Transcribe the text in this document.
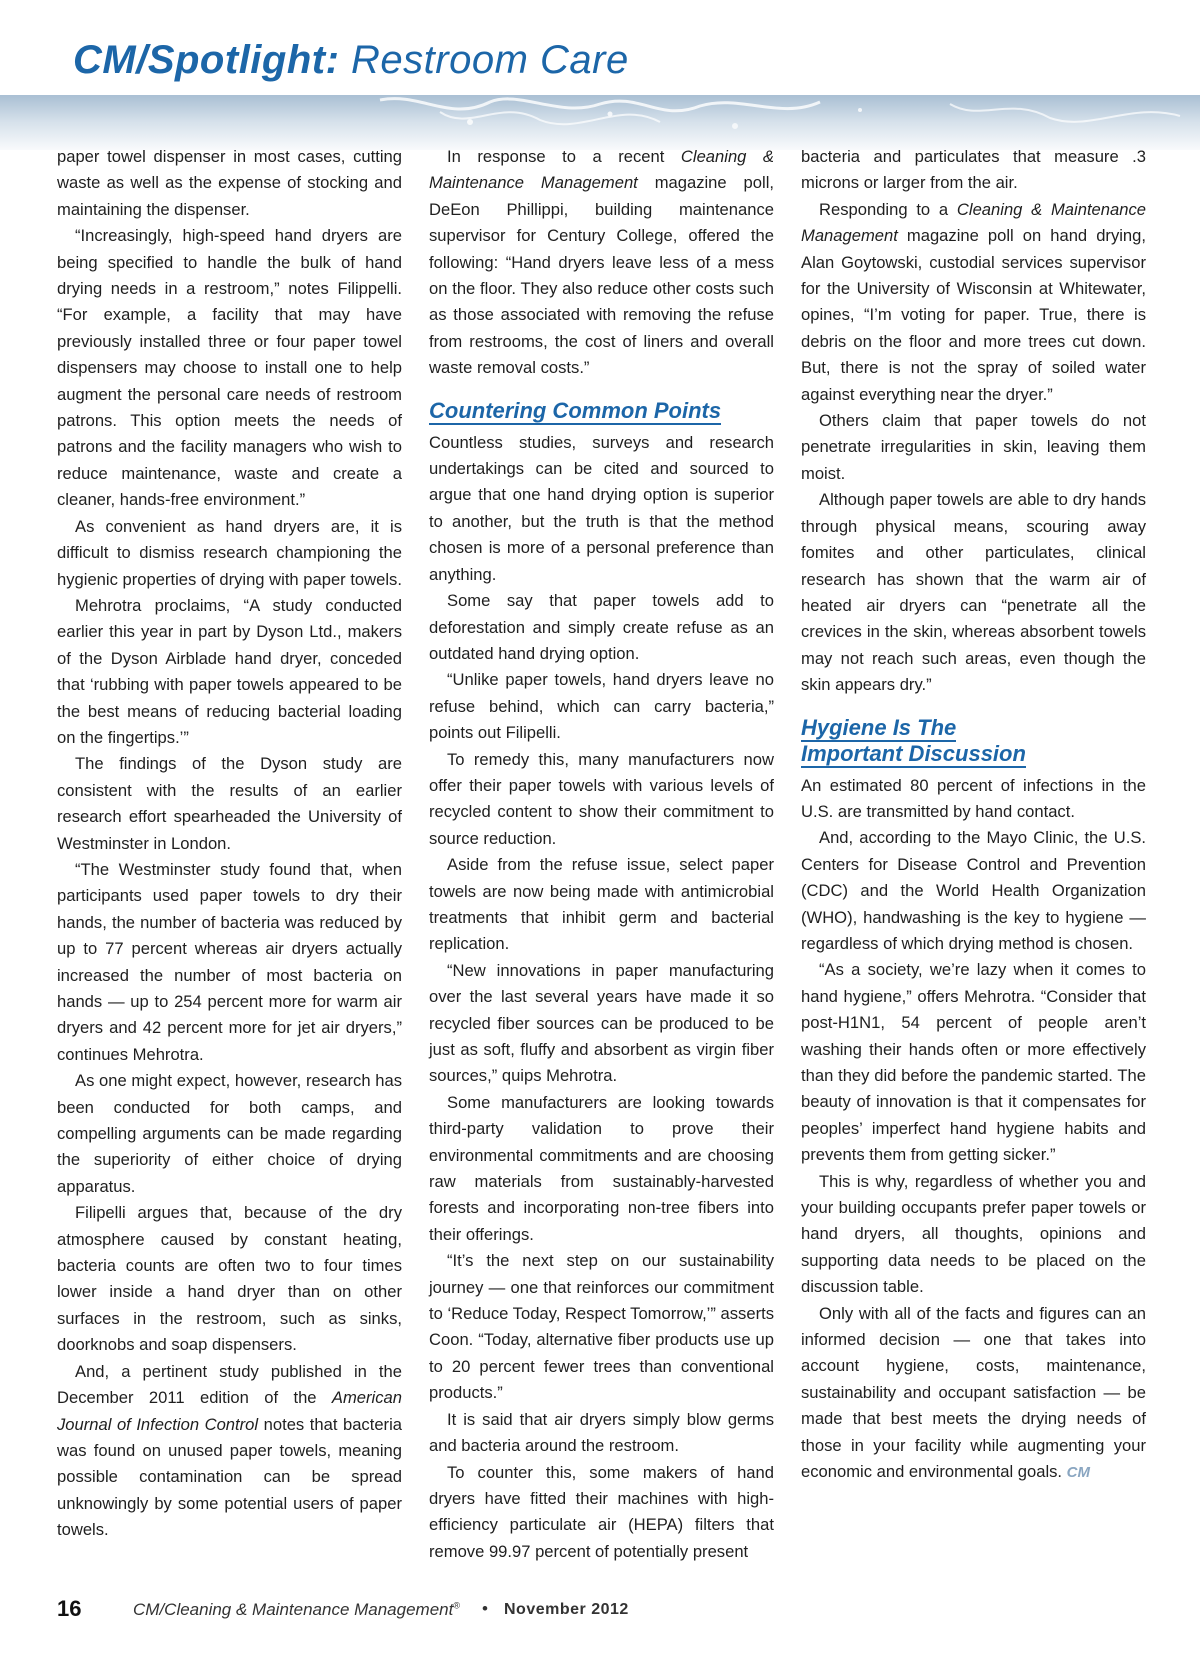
CM/Spotlight: Restroom Care

paper towel dispenser in most cases, cutting waste as well as the expense of stocking and maintaining the dispenser.

“Increasingly, high-speed hand dryers are being specified to handle the bulk of hand drying needs in a restroom,” notes Filippelli. “For example, a facility that may have previously installed three or four paper towel dispensers may choose to install one to help augment the personal care needs of restroom patrons. This option meets the needs of patrons and the facility managers who wish to reduce maintenance, waste and create a cleaner, hands-free environment.”

As convenient as hand dryers are, it is difficult to dismiss research championing the hygienic properties of drying with paper towels.

Mehrotra proclaims, “A study conducted earlier this year in part by Dyson Ltd., makers of the Dyson Airblade hand dryer, conceded that ‘rubbing with paper towels appeared to be the best means of reducing bacterial loading on the fingertips.’”

The findings of the Dyson study are consistent with the results of an earlier research effort spearheaded the University of Westminster in London.

“The Westminster study found that, when participants used paper towels to dry their hands, the number of bacteria was reduced by up to 77 percent whereas air dryers actually increased the number of most bacteria on hands — up to 254 percent more for warm air dryers and 42 percent more for jet air dryers,” continues Mehrotra.

As one might expect, however, research has been conducted for both camps, and compelling arguments can be made regarding the superiority of either choice of drying apparatus.

Filipelli argues that, because of the dry atmosphere caused by constant heating, bacteria counts are often two to four times lower inside a hand dryer than on other surfaces in the restroom, such as sinks, doorknobs and soap dispensers.

And, a pertinent study published in the December 2011 edition of the American Journal of Infection Control notes that bacteria was found on unused paper towels, meaning possible contamination can be spread unknowingly by some potential users of paper towels.

In response to a recent Cleaning & Maintenance Management magazine poll, DeEon Phillippi, building maintenance supervisor for Century College, offered the following: “Hand dryers leave less of a mess on the floor. They also reduce other costs such as those associated with removing the refuse from restrooms, the cost of liners and overall waste removal costs.”

Countering Common Points

Countless studies, surveys and research undertakings can be cited and sourced to argue that one hand drying option is superior to another, but the truth is that the method chosen is more of a personal preference than anything.

Some say that paper towels add to deforestation and simply create refuse as an outdated hand drying option.

“Unlike paper towels, hand dryers leave no refuse behind, which can carry bacteria,” points out Filipelli.

To remedy this, many manufacturers now offer their paper towels with various levels of recycled content to show their commitment to source reduction.

Aside from the refuse issue, select paper towels are now being made with antimicrobial treatments that inhibit germ and bacterial replication.

“New innovations in paper manufacturing over the last several years have made it so recycled fiber sources can be produced to be just as soft, fluffy and absorbent as virgin fiber sources,” quips Mehrotra.

Some manufacturers are looking towards third-party validation to prove their environmental commitments and are choosing raw materials from sustainably-harvested forests and incorporating non-tree fibers into their offerings.

“It’s the next step on our sustainability journey — one that reinforces our commitment to ‘Reduce Today, Respect Tomorrow,’” asserts Coon. “Today, alternative fiber products use up to 20 percent fewer trees than conventional products.”

It is said that air dryers simply blow germs and bacteria around the restroom.

To counter this, some makers of hand dryers have fitted their machines with high-efficiency particulate air (HEPA) filters that remove 99.97 percent of potentially present

bacteria and particulates that measure .3 microns or larger from the air.

Responding to a Cleaning & Maintenance Management magazine poll on hand drying, Alan Goytowski, custodial services supervisor for the University of Wisconsin at Whitewater, opines, “I’m voting for paper. True, there is debris on the floor and more trees cut down. But, there is not the spray of soiled water against everything near the dryer.”

Others claim that paper towels do not penetrate irregularities in skin, leaving them moist.

Although paper towels are able to dry hands through physical means, scouring away fomites and other particulates, clinical research has shown that the warm air of heated air dryers can “penetrate all the crevices in the skin, whereas absorbent towels may not reach such areas, even though the skin appears dry.”

Hygiene Is The
Important Discussion

An estimated 80 percent of infections in the U.S. are transmitted by hand contact.

And, according to the Mayo Clinic, the U.S. Centers for Disease Control and Prevention (CDC) and the World Health Organization (WHO), handwashing is the key to hygiene — regardless of which drying method is chosen.

“As a society, we’re lazy when it comes to hand hygiene,” offers Mehrotra. “Consider that post-H1N1, 54 percent of people aren’t washing their hands often or more effectively than they did before the pandemic started. The beauty of innovation is that it compensates for peoples’ imperfect hand hygiene habits and prevents them from getting sicker.”

This is why, regardless of whether you and your building occupants prefer paper towels or hand dryers, all thoughts, opinions and supporting data needs to be placed on the discussion table.

Only with all of the facts and figures can an informed decision — one that takes into account hygiene, costs, maintenance, sustainability and occupant satisfaction — be made that best meets the drying needs of those in your facility while augmenting your economic and environmental goals. CM

16	CM/Cleaning & Maintenance Management® • November 2012
